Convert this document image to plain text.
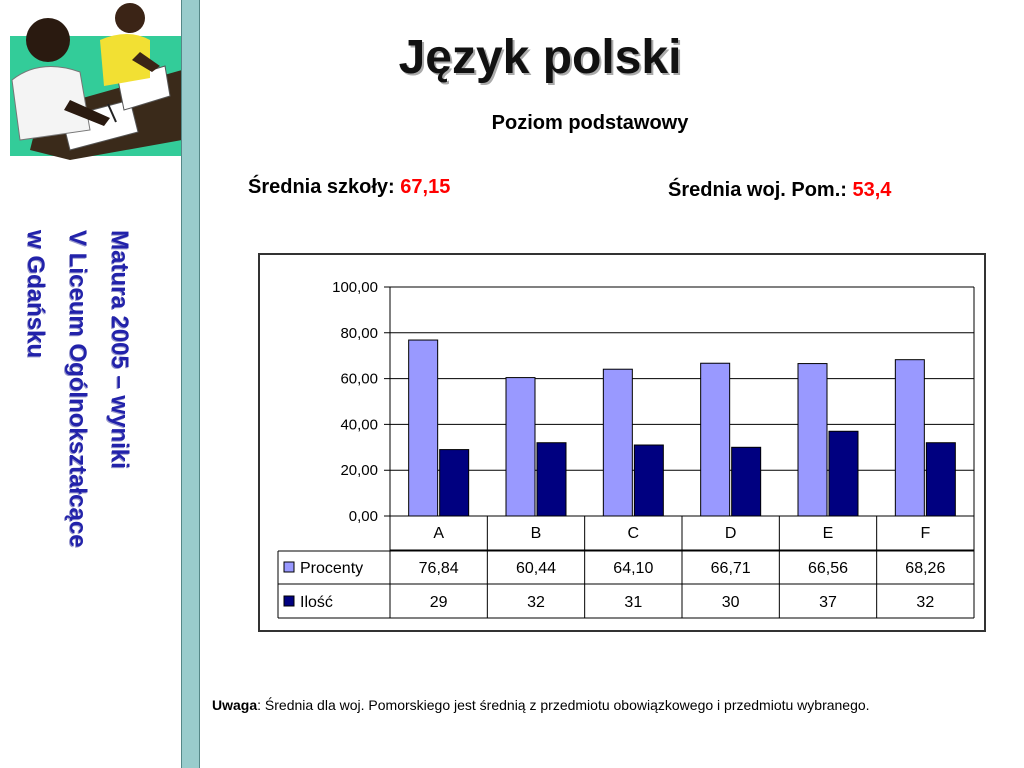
Matura 2005 – wyniki
V Liceum Ogólnokształcące
w Gdańsku
Język polski
Poziom podstawowy
Średnia szkoły: 67,15	Średnia woj. Pom.: 53,4
0,00
20,00
40,00
60,00
80,00
100,00
A
76,84
29
B
60,44
32
C
64,10
31
D
66,71
30
E
66,56
37
F
68,26
32
Procenty
Ilość
Uwaga: Średnia dla woj. Pomorskiego jest średnią z przedmiotu obowiązkowego i przedmiotu wybranego.
